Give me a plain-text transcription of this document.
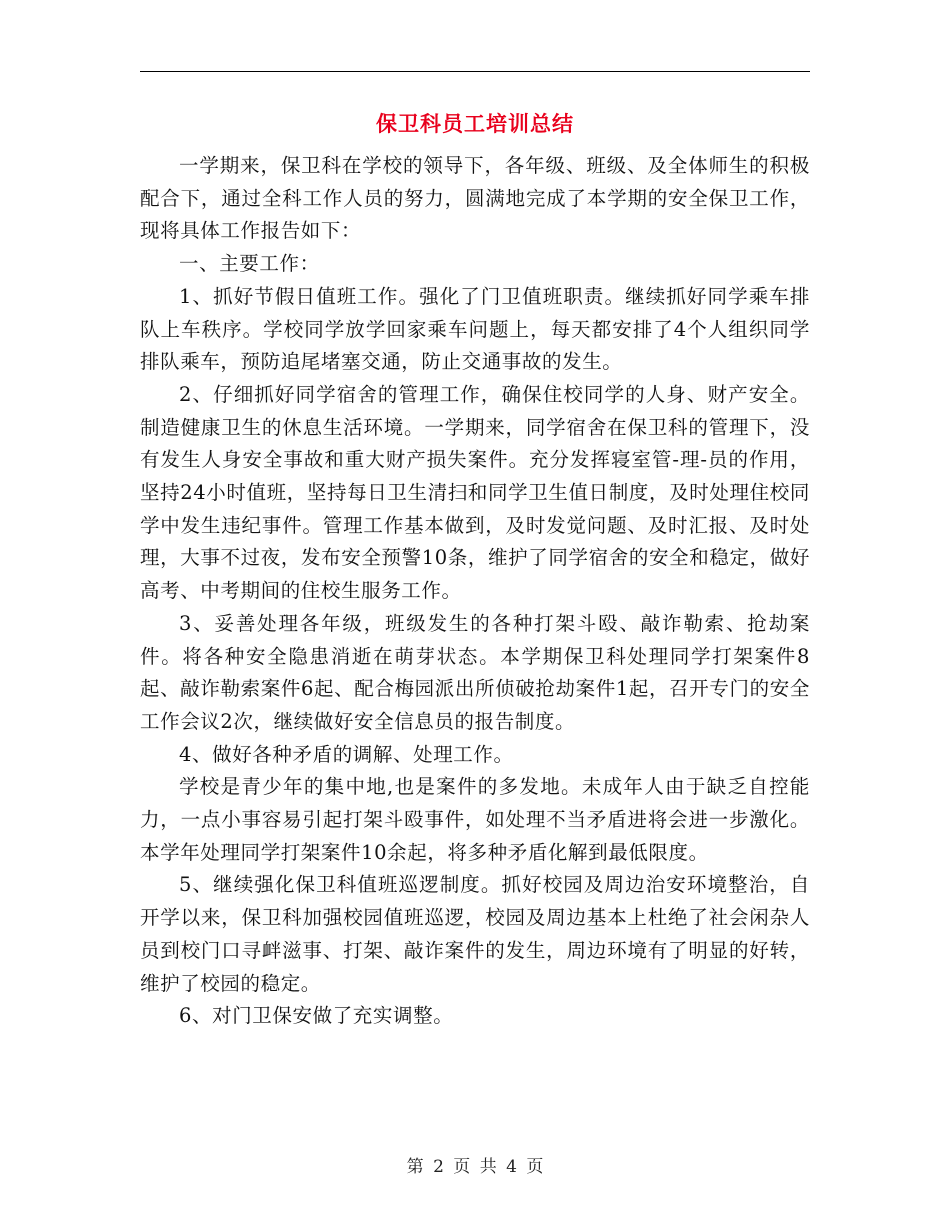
保卫科员工培训总结

一学期来，保卫科在学校的领导下，各年级、班级、及全体师生的积极配合下，通过全科工作人员的努力，圆满地完成了本学期的安全保卫工作，现将具体工作报告如下：

一、主要工作：

1、抓好节假日值班工作。强化了门卫值班职责。继续抓好同学乘车排队上车秩序。学校同学放学回家乘车问题上，每天都安排了4个人组织同学排队乘车，预防追尾堵塞交通，防止交通事故的发生。

2、仔细抓好同学宿舍的管理工作，确保住校同学的人身、财产安全。制造健康卫生的休息生活环境。一学期来，同学宿舍在保卫科的管理下，没有发生人身安全事故和重大财产损失案件。充分发挥寝室管-理-员的作用，坚持24小时值班，坚持每日卫生清扫和同学卫生值日制度，及时处理住校同学中发生违纪事件。管理工作基本做到，及时发觉问题、及时汇报、及时处理，大事不过夜，发布安全预警10条，维护了同学宿舍的安全和稳定，做好高考、中考期间的住校生服务工作。

3、妥善处理各年级，班级发生的各种打架斗殴、敲诈勒索、抢劫案件。将各种安全隐患消逝在萌芽状态。本学期保卫科处理同学打架案件8起、敲诈勒索案件6起、配合梅园派出所侦破抢劫案件1起，召开专门的安全工作会议2次，继续做好安全信息员的报告制度。

4、做好各种矛盾的调解、处理工作。

学校是青少年的集中地,也是案件的多发地。未成年人由于缺乏自控能力，一点小事容易引起打架斗殴事件，如处理不当矛盾进将会进一步激化。本学年处理同学打架案件10余起，将多种矛盾化解到最低限度。

5、继续强化保卫科值班巡逻制度。抓好校园及周边治安环境整治，自开学以来，保卫科加强校园值班巡逻，校园及周边基本上杜绝了社会闲杂人员到校门口寻衅滋事、打架、敲诈案件的发生，周边环境有了明显的好转，维护了校园的稳定。

6、对门卫保安做了充实调整。

第 2 页 共 4 页
